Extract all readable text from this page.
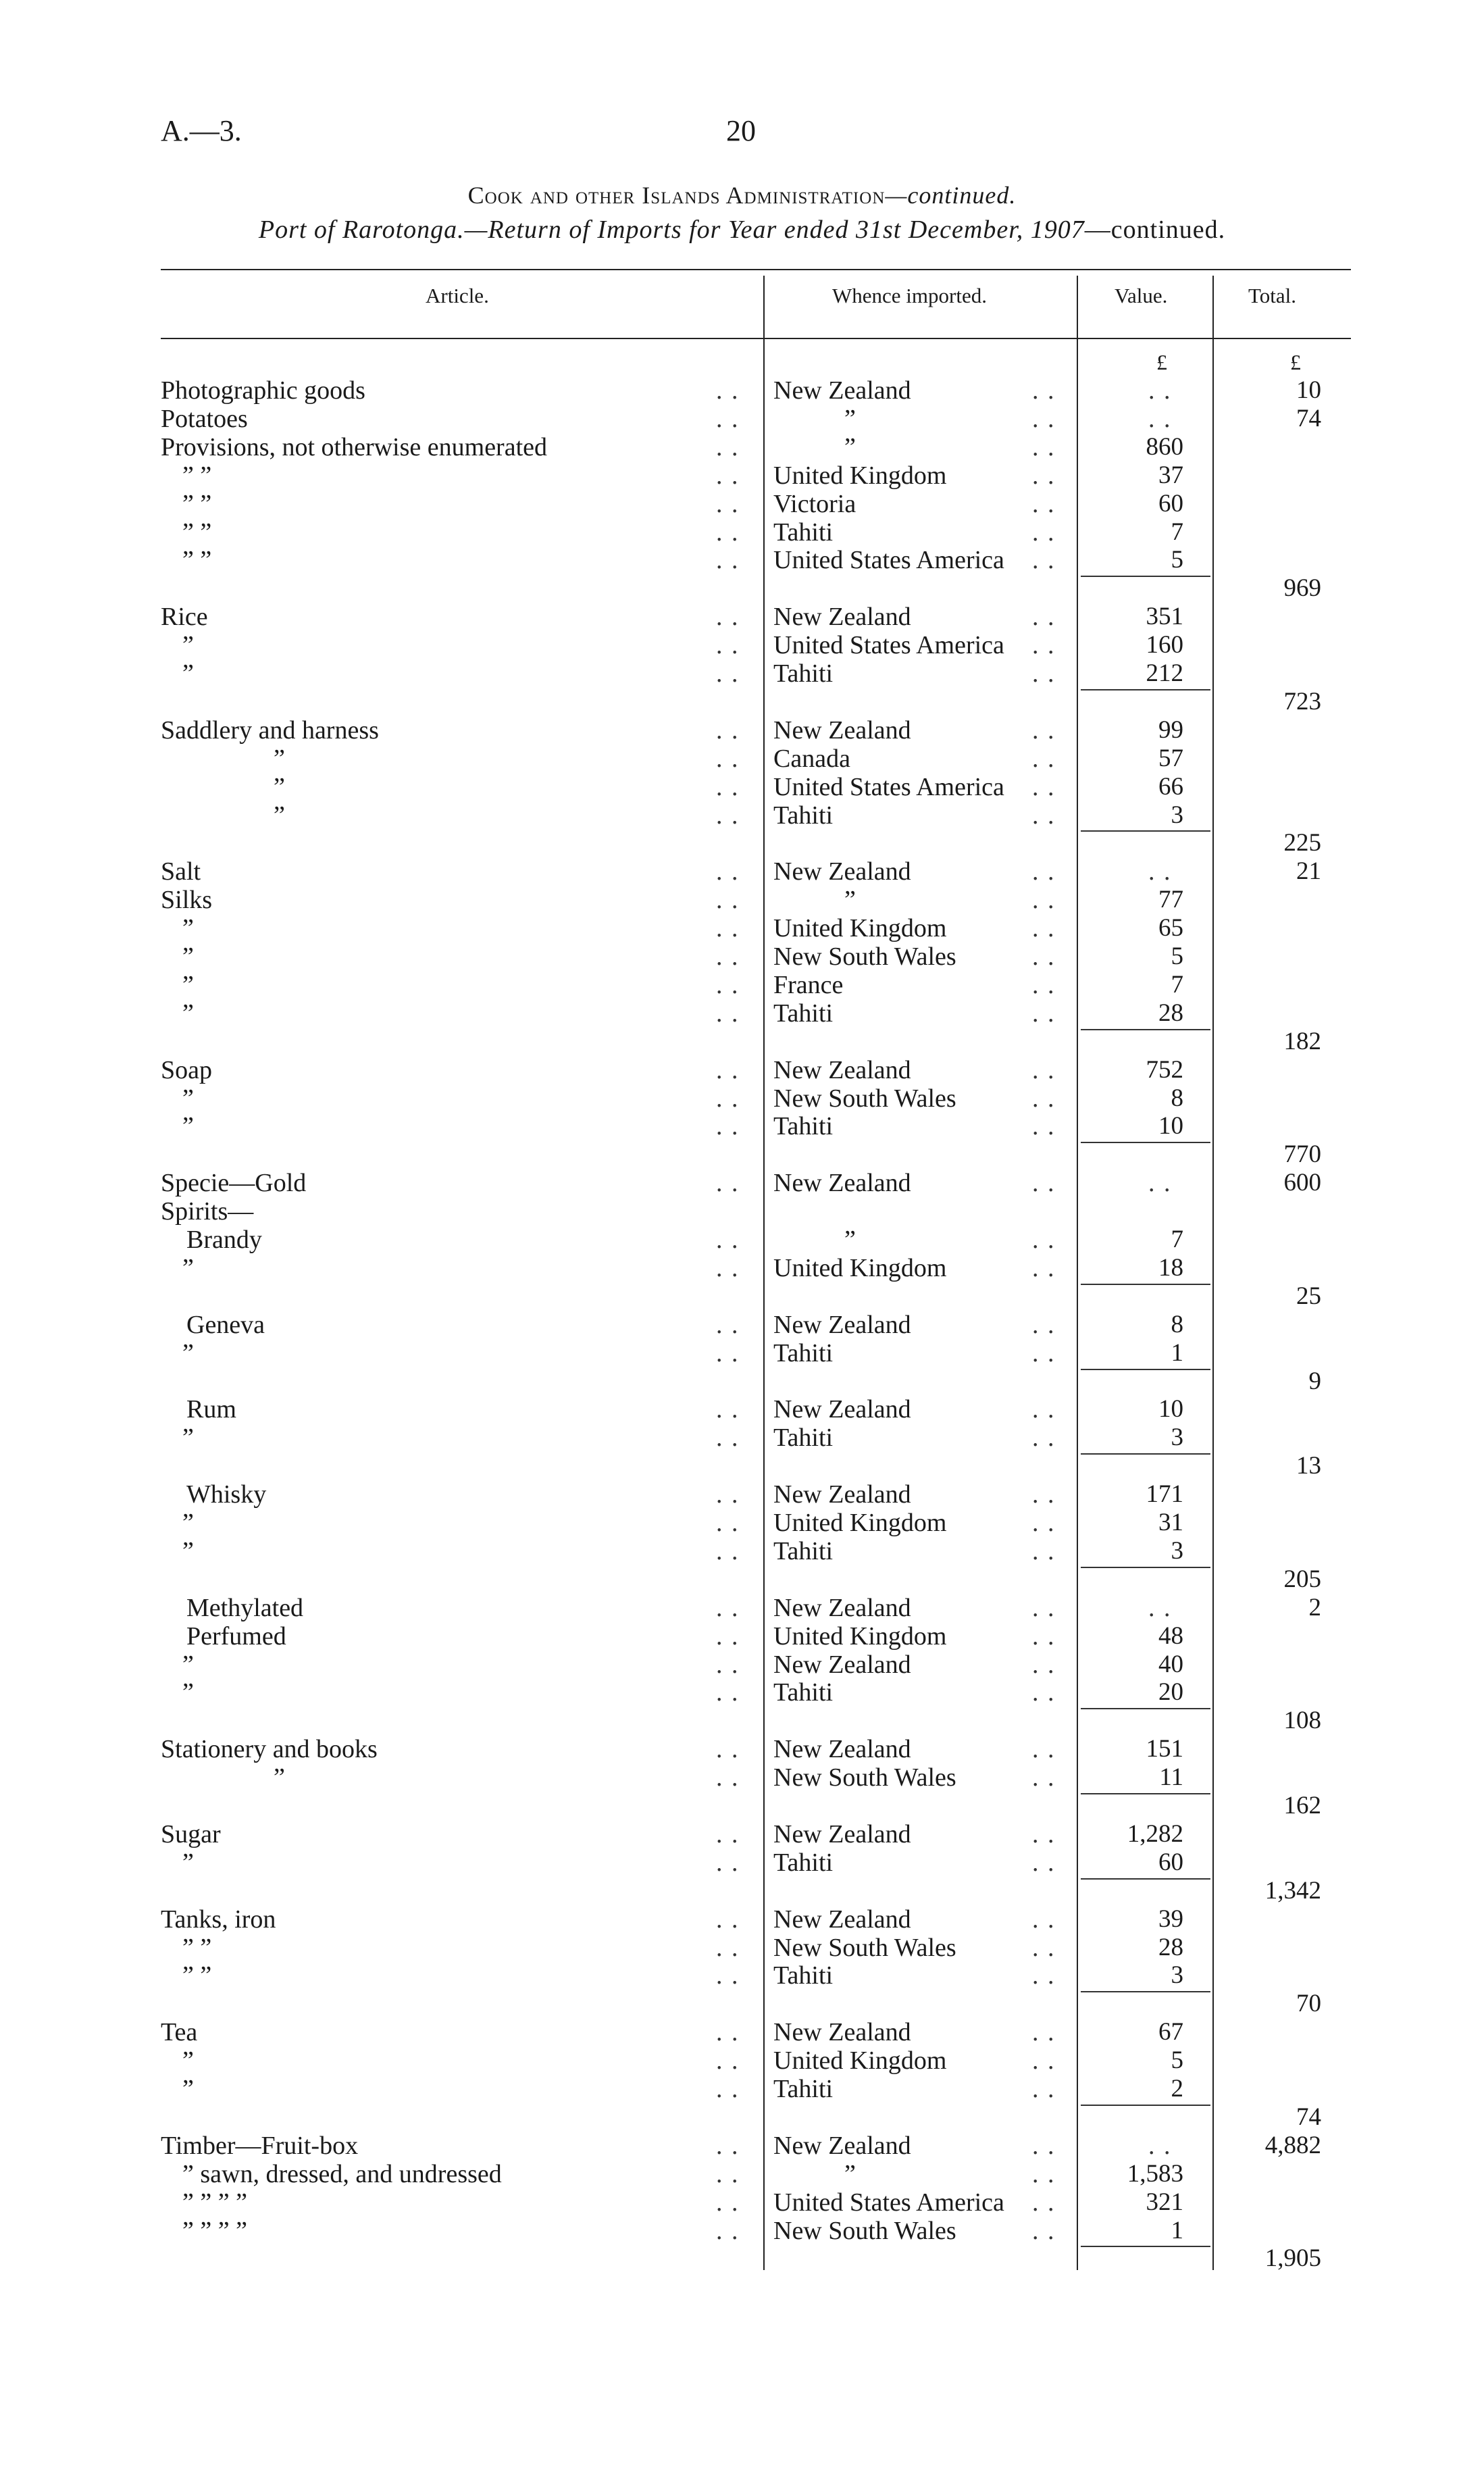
A.—3.	20
Cook and other Islands Administration—continued.
Port of Rarotonga.—Return of Imports for Year ended 31st December, 1907—continued.
Article.	Whence imported.	Value.	Total.
£	£
Photographic goods	. . New Zealand	. .	. .	10
Potatoes	. .	”	. .	. .	74
Provisions, not otherwise enumerated	. .	”	. .	860
” ”	. . United Kingdom	. .	37
” ”	. . Victoria	. .	60
” ”	. . Tahiti	. .	7
” ”	. . United States America . .	5
969
Rice	. . New Zealand	. .	351
”	. . United States America . .	160
”	. . Tahiti	. .	212
723
Saddlery and harness	. . New Zealand	. .	99
”	. . Canada	. .	57
”	. . United States America . .	66
”	. . Tahiti	. .	3
225
Salt	. . New Zealand	. .	. .	21
Silks	. .	”	. .	77
”	. . United Kingdom	. .	65
”	. . New South Wales	. .	5
”	. . France	. .	7
”	. . Tahiti	. .	28
182
Soap	. . New Zealand	. .	752
”	. . New South Wales	. .	8
”	. . Tahiti	. .	10
770
Specie—Gold	. . New Zealand	. .	. .	600
Spirits—
Brandy	. .	”	. .	7
”	. . United Kingdom	. .	18
25
Geneva	. . New Zealand	. .	8
”	. . Tahiti	. .	1
9
Rum	. . New Zealand	. .	10
”	. . Tahiti	. .	3
13
Whisky	. . New Zealand	. .	171
”	. . United Kingdom	. .	31
”	. . Tahiti	. .	3
205
Methylated	. . New Zealand	. .	. .	2
Perfumed	. . United Kingdom	. .	48
”	. . New Zealand	. .	40
”	. . Tahiti	. .	20
108
Stationery and books	. . New Zealand	. .	151
”	. . New South Wales	. .	11
162
Sugar	. . New Zealand	. .	1,282
”	. . Tahiti	. .	60
1,342
Tanks, iron	. . New Zealand	. .	39
” ”	. . New South Wales	. .	28
” ”	. . Tahiti	. .	3
70
Tea	. . New Zealand	. .	67
”	. . United Kingdom	. .	5
”	. . Tahiti	. .	2
74
Timber—Fruit-box	. . New Zealand	. .	. .	4,882
” sawn, dressed, and undressed	. .	”	. .	1,583
” ” ” ”	. . United States America . .	321
” ” ” ”	. . New South Wales	. .	1
1,905
